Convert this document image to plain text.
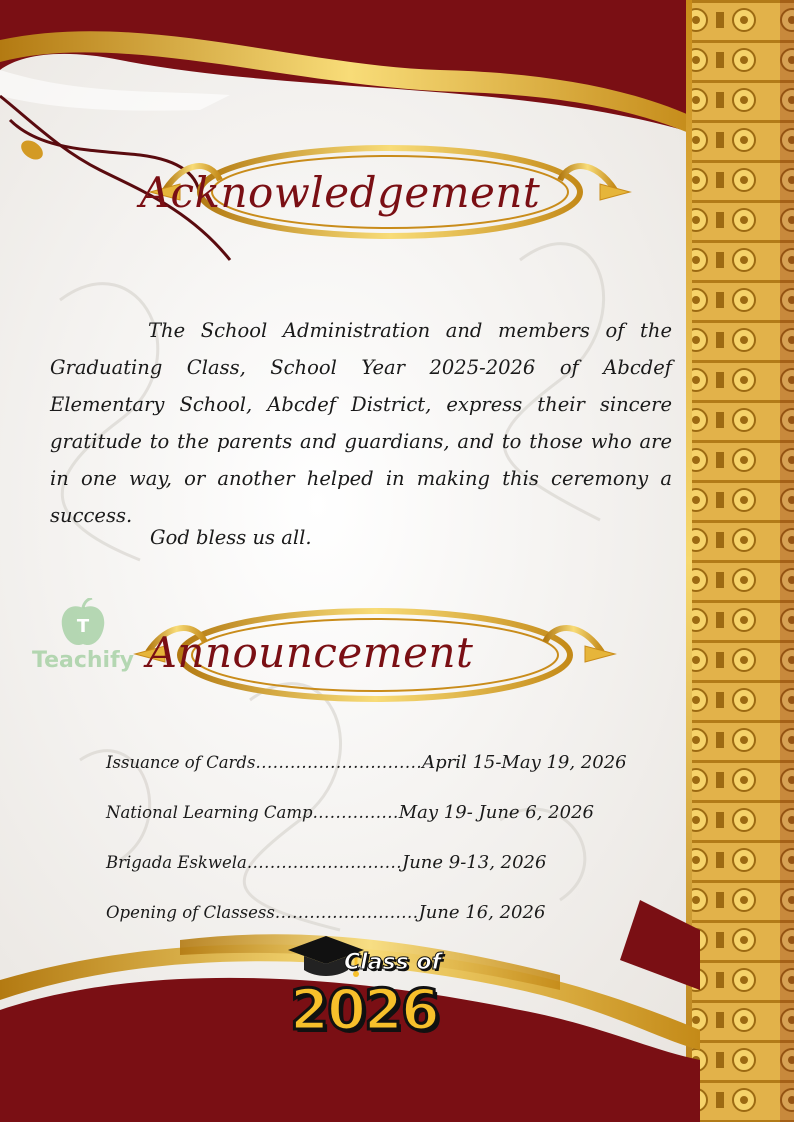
Acknowledgement
The School Administration and members of the Graduating Class, School Year 2025-2026 of Abcdef Elementary School, Abcdef District, express their sincere gratitude to the parents and guardians, and to those who are in one way, or another helped in making this ceremony a success.
God bless us all.
T
Teachify Announcement
Issuance of Cards.............................April 15-May 19, 2026
National Learning Camp...............May 19- June 6, 2026
Brigada Eskwela...........................June 9-13, 2026
Opening of Classess.........................June 16, 2026
Class of
2026
